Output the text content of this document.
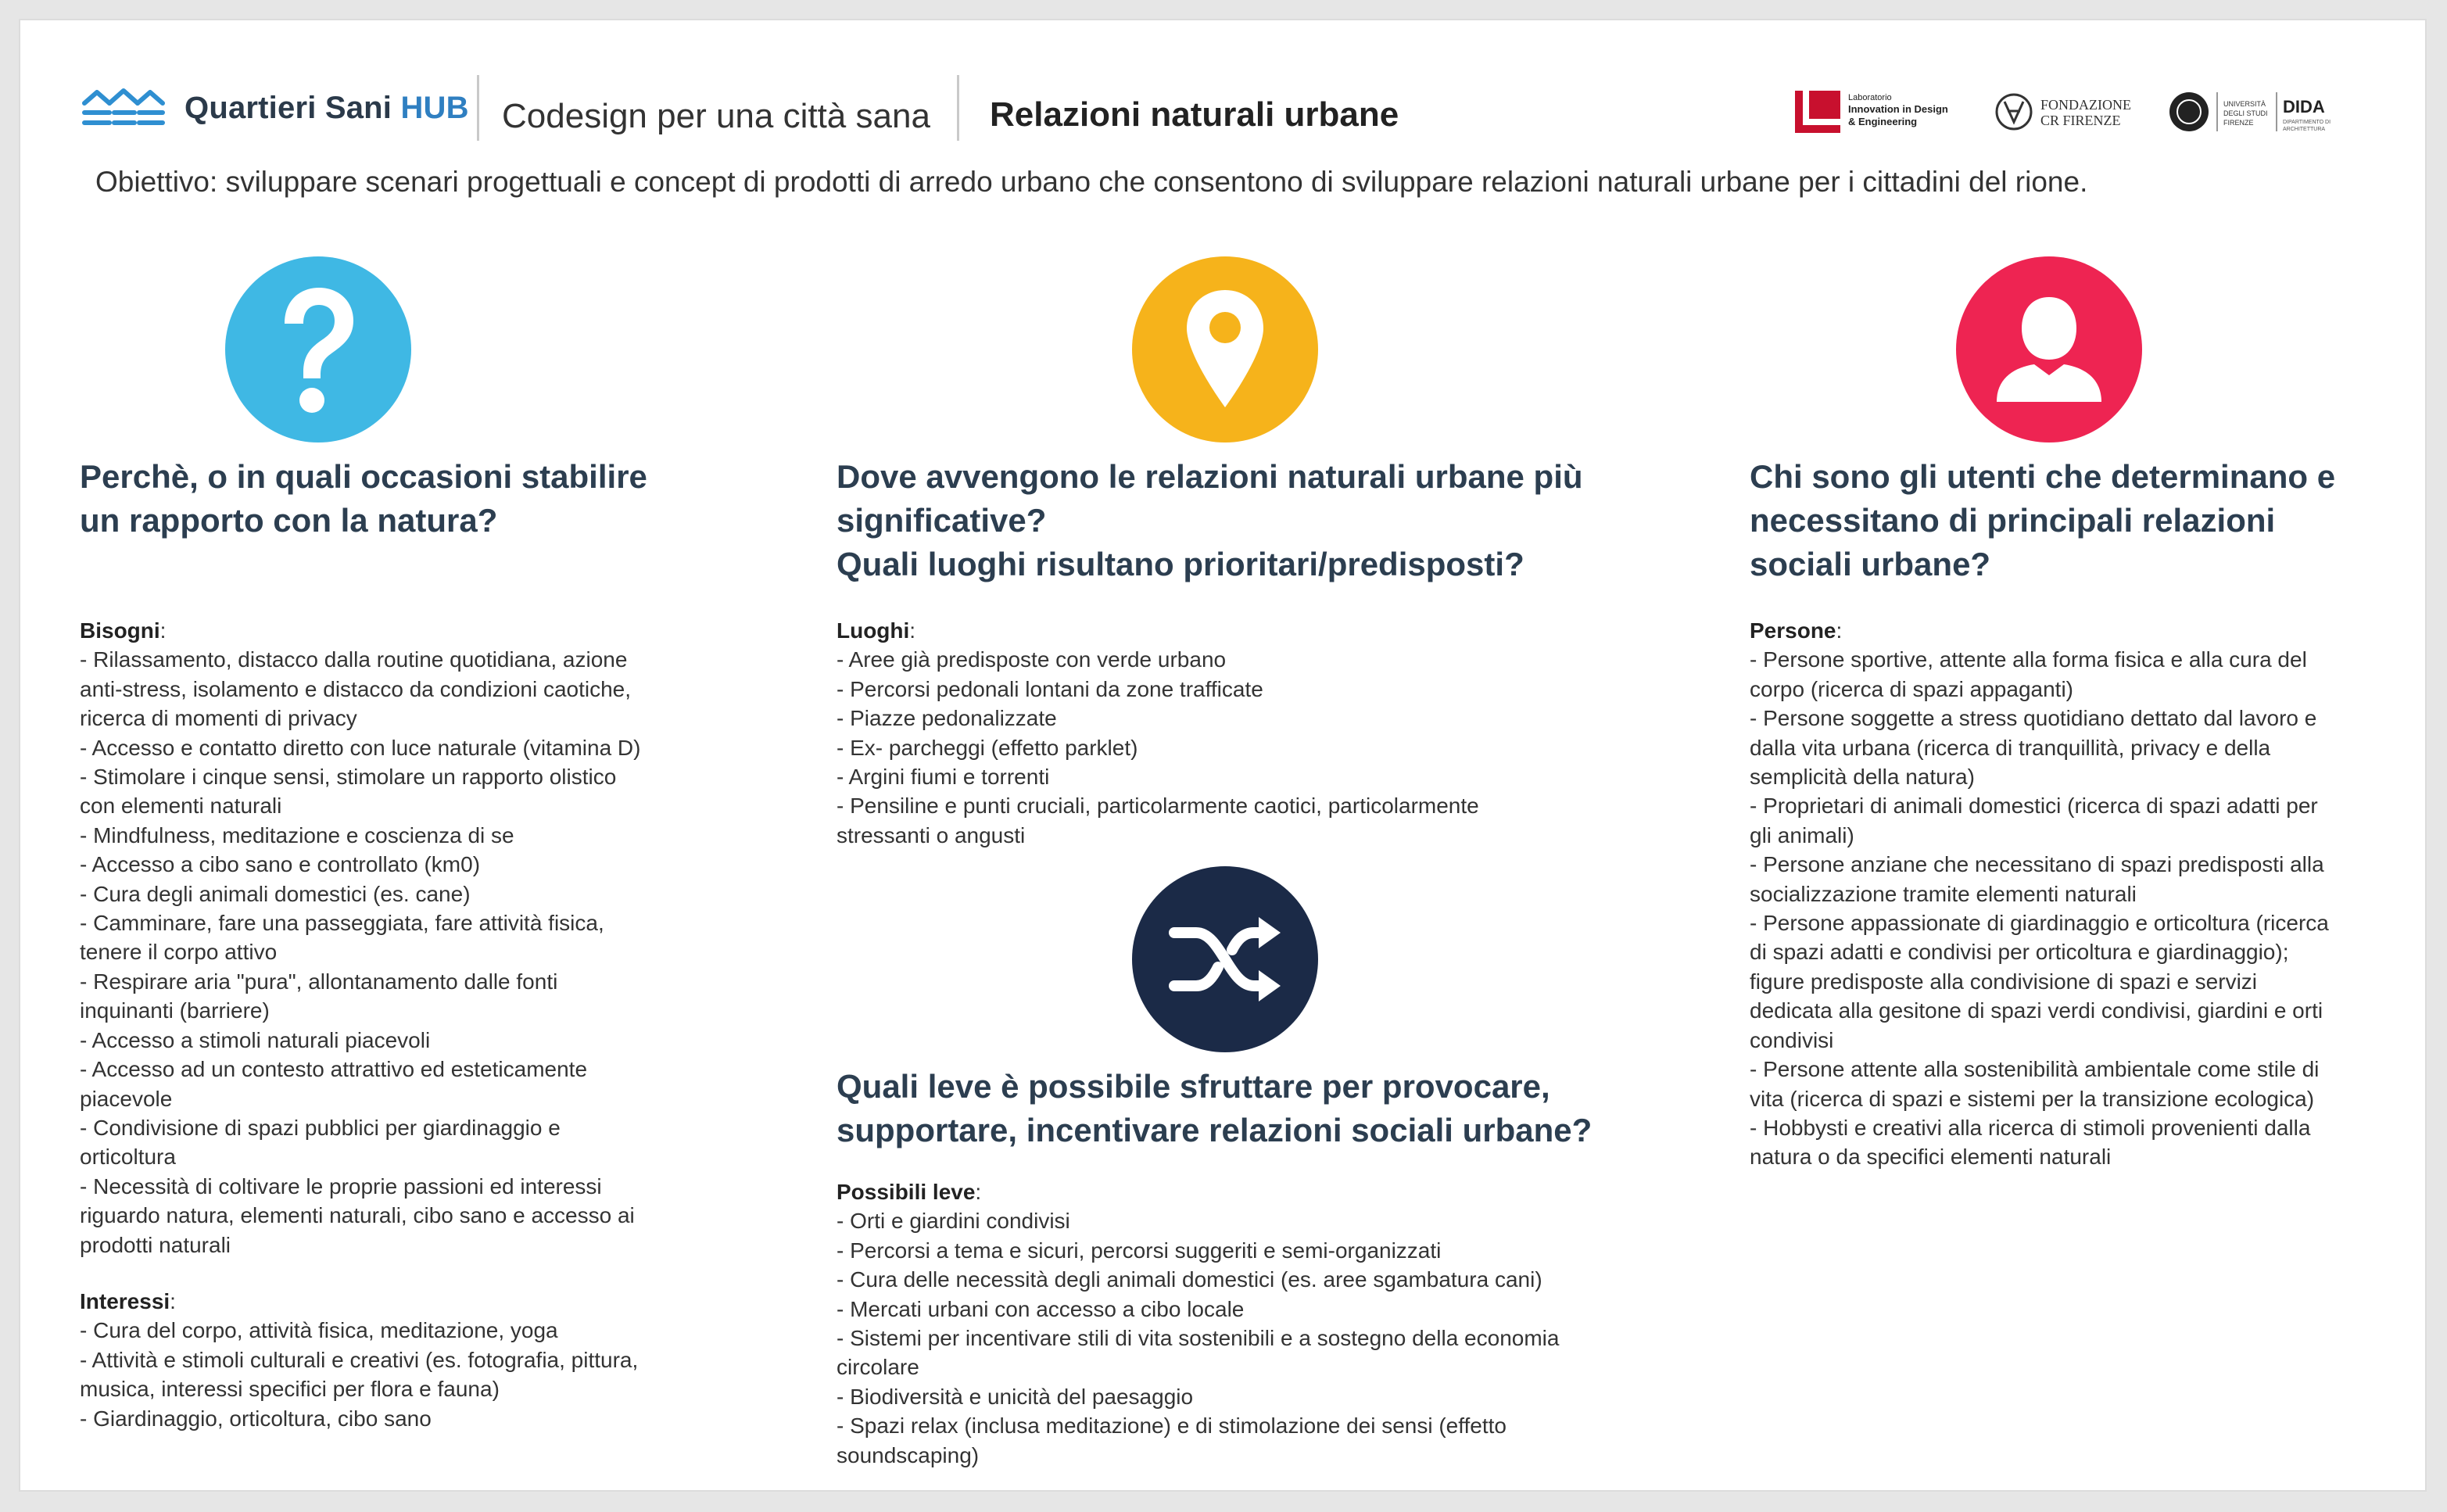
Quartieri Sani HUB Codesign per una città sana Relazioni naturali urbane	Laboratorio
Innovation in Design
& Engineering
FONDAZIONE
CR FIRENZE
UNIVERSITÀ
DEGLI STUDI
FIRENZE
DIDA
DIPARTIMENTO DI
ARCHITETTURA
Obiettivo: sviluppare scenari progettuali e concept di prodotti di arredo urbano che consentono di sviluppare relazioni naturali urbane per i cittadini del rione.
Perchè, o in quali occasioni stabilire
un rapporto con la natura?
Bisogni:
- Rilassamento, distacco dalla routine quotidiana, azione
anti-stress, isolamento e distacco da condizioni caotiche,
ricerca di momenti di privacy
- Accesso e contatto diretto con luce naturale (vitamina D)
- Stimolare i cinque sensi, stimolare un rapporto olistico
con elementi naturali
- Mindfulness, meditazione e coscienza di se
- Accesso a cibo sano e controllato (km0)
- Cura degli animali domestici (es. cane)
- Camminare, fare una passeggiata, fare attività fisica,
tenere il corpo attivo
- Respirare aria "pura", allontanamento dalle fonti
inquinanti (barriere)
- Accesso a stimoli naturali piacevoli
- Accesso ad un contesto attrattivo ed esteticamente
piacevole
- Condivisione di spazi pubblici per giardinaggio e
orticoltura
- Necessità di coltivare le proprie passioni ed interessi
riguardo natura, elementi naturali, cibo sano e accesso ai
prodotti naturali
Interessi:
- Cura del corpo, attività fisica, meditazione, yoga
- Attività e stimoli culturali e creativi (es. fotografia, pittura,
musica, interessi specifici per flora e fauna)
- Giardinaggio, orticoltura, cibo sano
Dove avvengono le relazioni naturali urbane più
significative?
Quali luoghi risultano prioritari/predisposti?
Luoghi:
- Aree già predisposte con verde urbano
- Percorsi pedonali lontani da zone trafficate
- Piazze pedonalizzate
- Ex- parcheggi (effetto parklet)
- Argini fiumi e torrenti
- Pensiline e punti cruciali, particolarmente caotici, particolarmente
stressanti o angusti
Quali leve è possibile sfruttare per provocare,
supportare, incentivare relazioni sociali urbane?
Possibili leve:
- Orti e giardini condivisi
- Percorsi a tema e sicuri, percorsi suggeriti e semi-organizzati
- Cura delle necessità degli animali domestici (es. aree sgambatura cani)
- Mercati urbani con accesso a cibo locale
- Sistemi per incentivare stili di vita sostenibili e a sostegno della economia
circolare
- Biodiversità e unicità del paesaggio
- Spazi relax (inclusa meditazione) e di stimolazione dei sensi (effetto
soundscaping)
Chi sono gli utenti che determinano e
necessitano di principali relazioni
sociali urbane?
Persone:
- Persone sportive, attente alla forma fisica e alla cura del
corpo (ricerca di spazi appaganti)
- Persone soggette a stress quotidiano dettato dal lavoro e
dalla vita urbana (ricerca di tranquillità, privacy e della
semplicità della natura)
- Proprietari di animali domestici (ricerca di spazi adatti per
gli animali)
- Persone anziane che necessitano di spazi predisposti alla
socializzazione tramite elementi naturali
- Persone appassionate di giardinaggio e orticoltura (ricerca
di spazi adatti e condivisi per orticoltura e giardinaggio);
figure predisposte alla condivisione di spazi e servizi
dedicata alla gesitone di spazi verdi condivisi, giardini e orti
condivisi
- Persone attente alla sostenibilità ambientale come stile di
vita (ricerca di spazi e sistemi per la transizione ecologica)
- Hobbysti e creativi alla ricerca di stimoli provenienti dalla
natura o da specifici elementi naturali
